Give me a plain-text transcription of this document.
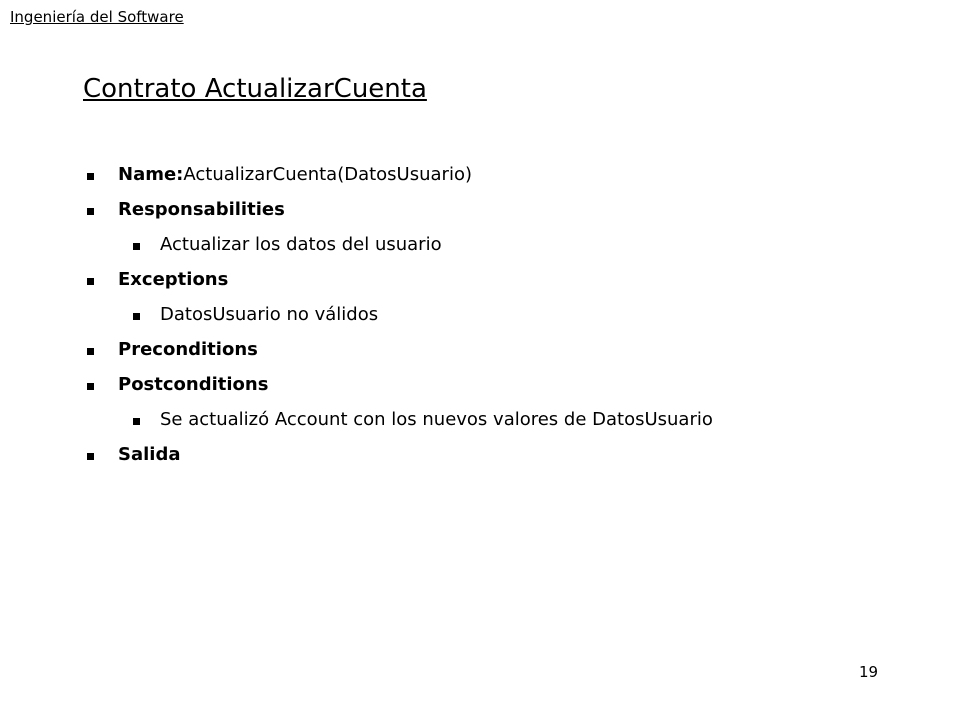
Ingeniería del Software
Contrato ActualizarCuenta
Name:ActualizarCuenta(DatosUsuario)
Responsabilities
Actualizar los datos del usuario
Exceptions
DatosUsuario no válidos
Preconditions
Postconditions
Se actualizó Account con los nuevos valores de DatosUsuario
Salida
19
